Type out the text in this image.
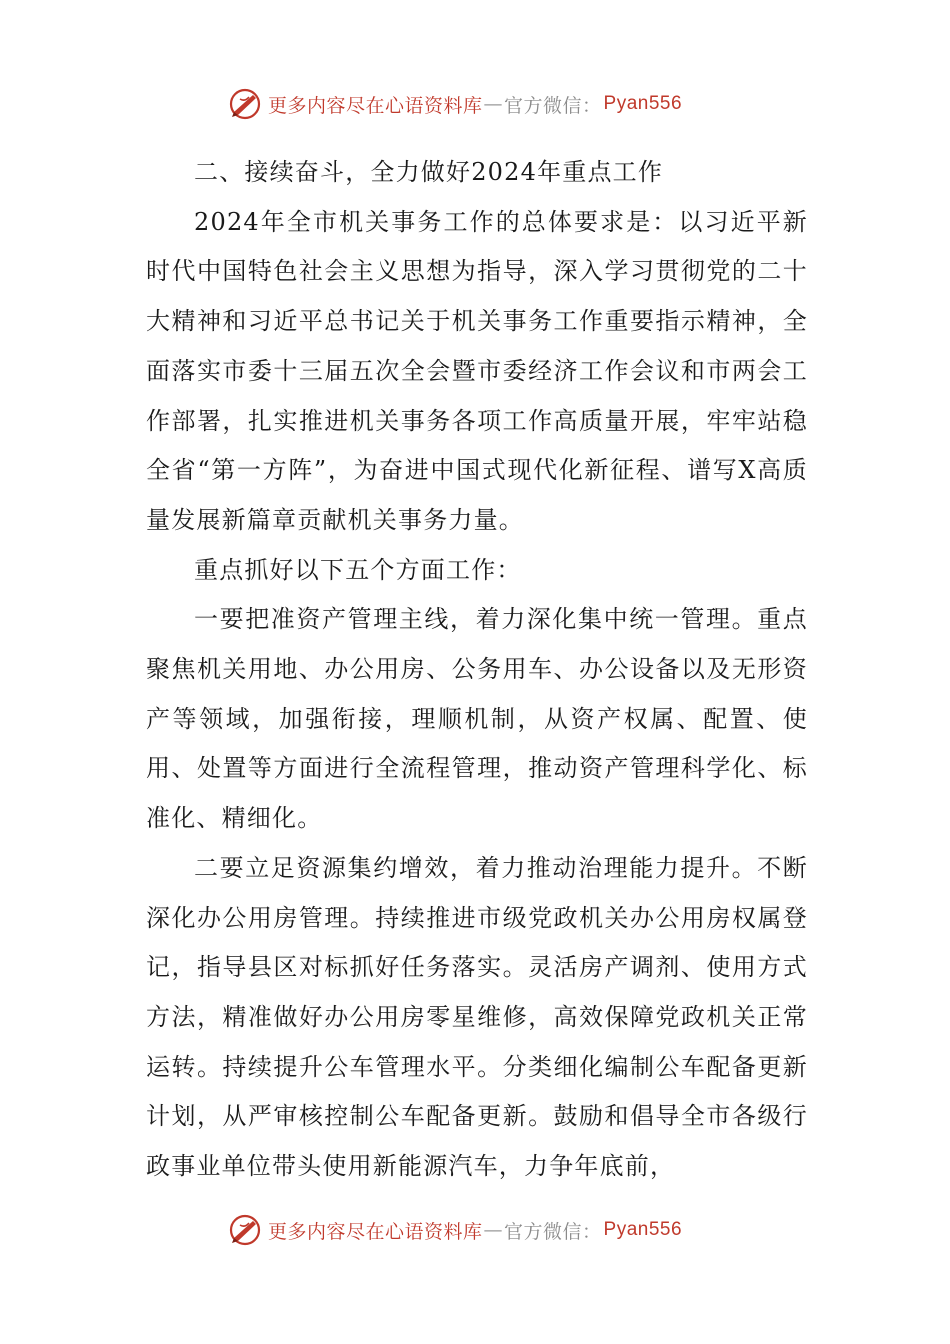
更多内容尽在心语资料库 — 官方微信： Pyan556

二、接续奋斗，全力做好2024年重点工作

2024年全市机关事务工作的总体要求是：以习近平新时代中国特色社会主义思想为指导，深入学习贯彻党的二十大精神和习近平总书记关于机关事务工作重要指示精神，全面落实市委十三届五次全会暨市委经济工作会议和市两会工作部署，扎实推进机关事务各项工作高质量开展，牢牢站稳全省“第一方阵”，为奋进中国式现代化新征程、谱写X高质量发展新篇章贡献机关事务力量。

重点抓好以下五个方面工作：

一要把准资产管理主线，着力深化集中统一管理。重点聚焦机关用地、办公用房、公务用车、办公设备以及无形资产等领域，加强衔接，理顺机制，从资产权属、配置、使用、处置等方面进行全流程管理，推动资产管理科学化、标准化、精细化。

二要立足资源集约增效，着力推动治理能力提升。不断深化办公用房管理。持续推进市级党政机关办公用房权属登记，指导县区对标抓好任务落实。灵活房产调剂、使用方式方法，精准做好办公用房零星维修，高效保障党政机关正常运转。持续提升公车管理水平。分类细化编制公车配备更新计划，从严审核控制公车配备更新。鼓励和倡导全市各级行政事业单位带头使用新能源汽车，力争年底前，

更多内容尽在心语资料库 — 官方微信： Pyan556
